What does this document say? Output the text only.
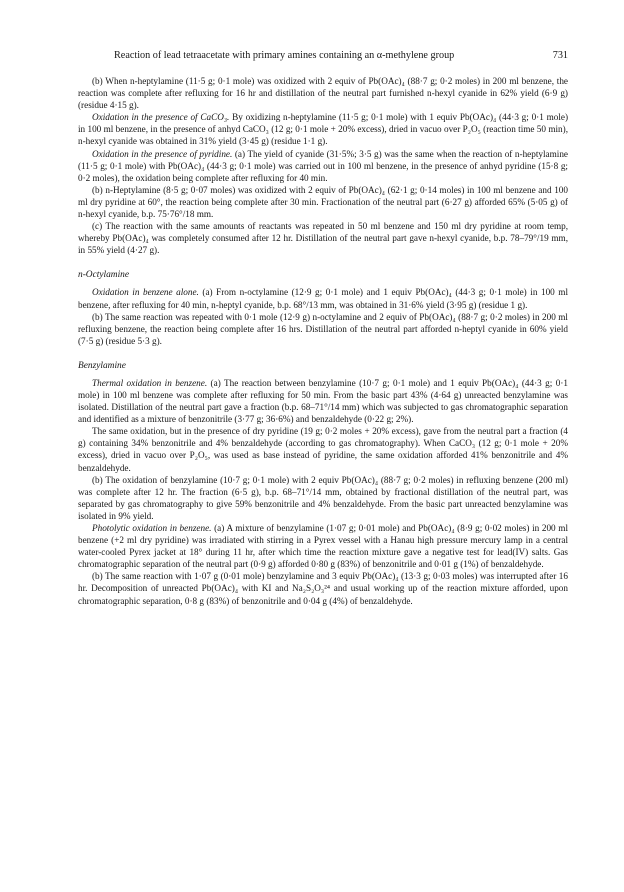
Reaction of lead tetraacetate with primary amines containing an α-methylene group	731

(b) When n-heptylamine (11·5 g; 0·1 mole) was oxidized with 2 equiv of Pb(OAc)₄ (88·7 g; 0·2 moles) in 200 ml benzene, the reaction was complete after refluxing for 16 hr and distillation of the neutral part furnished n-hexyl cyanide in 62% yield (6·9 g) (residue 4·15 g).

Oxidation in the presence of CaCO₃. By oxidizing n-heptylamine (11·5 g; 0·1 mole) with 1 equiv Pb(OAc)₄ (44·3 g; 0·1 mole) in 100 ml benzene, in the presence of anhyd CaCO₃ (12 g; 0·1 mole + 20% excess), dried in vacuo over P₂O₅ (reaction time 50 min), n-hexyl cyanide was obtained in 31% yield (3·45 g) (residue 1·1 g).

Oxidation in the presence of pyridine. (a) The yield of cyanide (31·5%; 3·5 g) was the same when the reaction of n-heptylamine (11·5 g; 0·1 mole) with Pb(OAc)₄ (44·3 g; 0·1 mole) was carried out in 100 ml benzene, in the presence of anhyd pyridine (15·8 g; 0·2 moles), the oxidation being complete after refluxing for 40 min.

(b) n-Heptylamine (8·5 g; 0·07 moles) was oxidized with 2 equiv of Pb(OAc)₄ (62·1 g; 0·14 moles) in 100 ml benzene and 100 ml dry pyridine at 60°, the reaction being complete after 30 min. Fractionation of the neutral part (6·27 g) afforded 65% (5·05 g) of n-hexyl cyanide, b.p. 75·76°/18 mm.

(c) The reaction with the same amounts of reactants was repeated in 50 ml benzene and 150 ml dry pyridine at room temp, whereby Pb(OAc)₄ was completely consumed after 12 hr. Distillation of the neutral part gave n-hexyl cyanide, b.p. 78–79°/19 mm, in 55% yield (4·27 g).

n-Octylamine

Oxidation in benzene alone. (a) From n-octylamine (12·9 g; 0·1 mole) and 1 equiv Pb(OAc)₄ (44·3 g; 0·1 mole) in 100 ml benzene, after refluxing for 40 min, n-heptyl cyanide, b.p. 68°/13 mm, was obtained in 31·6% yield (3·95 g) (residue 1 g).

(b) The same reaction was repeated with 0·1 mole (12·9 g) n-octylamine and 2 equiv of Pb(OAc)₄ (88·7 g; 0·2 moles) in 200 ml refluxing benzene, the reaction being complete after 16 hrs. Distillation of the neutral part afforded n-heptyl cyanide in 60% yield (7·5 g) (residue 5·3 g).

Benzylamine

Thermal oxidation in benzene. (a) The reaction between benzylamine (10·7 g; 0·1 mole) and 1 equiv Pb(OAc)₄ (44·3 g; 0·1 mole) in 100 ml benzene was complete after refluxing for 50 min. From the basic part 43% (4·64 g) unreacted benzylamine was isolated. Distillation of the neutral part gave a fraction (b.p. 68–71°/14 mm) which was subjected to gas chromatographic separation and identified as a mixture of benzonitrile (3·77 g; 36·6%) and benzaldehyde (0·22 g; 2%).

The same oxidation, but in the presence of dry pyridine (19 g; 0·2 moles + 20% excess), gave from the neutral part a fraction (4 g) containing 34% benzonitrile and 4% benzaldehyde (according to gas chromatography). When CaCO₃ (12 g; 0·1 mole + 20% excess), dried in vacuo over P₂O₅, was used as base instead of pyridine, the same oxidation afforded 41% benzonitrile and 4% benzaldehyde.

(b) The oxidation of benzylamine (10·7 g; 0·1 mole) with 2 equiv Pb(OAc)₄ (88·7 g; 0·2 moles) in refluxing benzene (200 ml) was complete after 12 hr. The fraction (6·5 g), b.p. 68–71°/14 mm, obtained by fractional distillation of the neutral part, was separated by gas chromatography to give 59% benzonitrile and 4% benzaldehyde. From the basic part unreacted benzylamine was isolated in 9% yield.

Photolytic oxidation in benzene. (a) A mixture of benzylamine (1·07 g; 0·01 mole) and Pb(OAc)₄ (8·9 g; 0·02 moles) in 200 ml benzene (+2 ml dry pyridine) was irradiated with stirring in a Pyrex vessel with a Hanau high pressure mercury lamp in a central water-cooled Pyrex jacket at 18° during 11 hr, after which time the reaction mixture gave a negative test for lead(IV) salts. Gas chromatographic separation of the neutral part (0·9 g) afforded 0·80 g (83%) of benzonitrile and 0·01 g (1%) of benzaldehyde.

(b) The same reaction with 1·07 g (0·01 mole) benzylamine and 3 equiv Pb(OAc)₄ (13·3 g; 0·03 moles) was interrupted after 16 hr. Decomposition of unreacted Pb(OAc)₄ with KI and Na₂S₂O₃²⁴ and usual working up of the reaction mixture afforded, upon chromatographic separation, 0·8 g (83%) of benzonitrile and 0·04 g (4%) of benzaldehyde.
